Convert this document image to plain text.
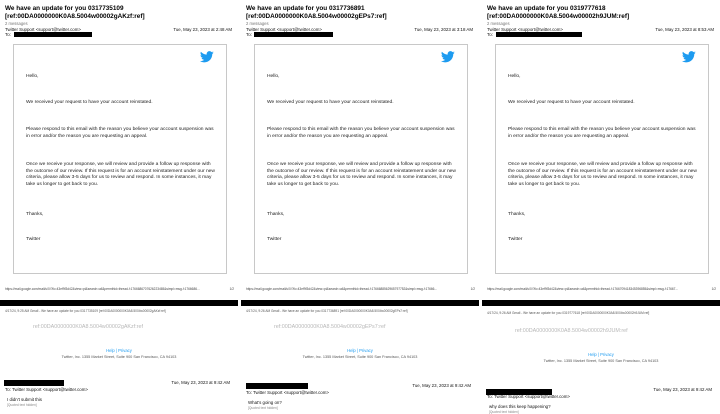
We have an update for you 0317735109 [ref:00DA0000000K0A8.5004w00002gAKzf:ref]
2 messages
Twitter Support <support@twitter.com>
To:
Tue, May 23, 2023 at 2:48 AM
Hello,
We received your request to have your account reinstated.
Please respond to this email with the reason you believe your account suspension was in error and/or the reason you are requesting an appeal.
Once we receive your response, we will review and provide a follow up response with the outcome of our review. If this request is for an account reinstatement under our new criteria, please allow 3-5 days for us to review and respond. In some instances, it may take us longer to get back to you.
Thanks,
Twitter
https://mail.google.com/mail/u/0/?ik=43ef9f3d42&view=pt&search=all&permthid=thread-f:1766686707626223465&simpl=msg-f:1766686...	1/2
4/17/24, 9:25 AM Gmail - We have an update for you 0317735109 [ref:00DA0000000K0A8.5004w00002gAKzf:ref]
ref:00DA0000000K0A8.5004w00002gAKzf:ref
Help | Privacy
Twitter, Inc. 1355 Market Street, Suite 900 San Francisco, CA 94103
To: Twitter Support <support@twitter.com>
Tue, May 23, 2023 at 9:42 AM
I didn't submit this
[Quoted text hidden]
We have an update for you 0317736891 [ref:00DA0000000K0A8.5004w00002gEPs7:ref]
2 messages
Twitter Support <support@twitter.com>
To:
Tue, May 23, 2023 at 3:18 AM
Hello,
We received your request to have your account reinstated.
Please respond to this email with the reason you believe your account suspension was in error and/or the reason you are requesting an appeal.
Once we receive your response, we will review and provide a follow up response with the outcome of our review. If this request is for an account reinstatement under our new criteria, please allow 3-5 days for us to review and respond. In some instances, it may take us longer to get back to you.
Thanks,
Twitter
https://mail.google.com/mail/u/0/?ik=43ef9f3d42&view=pt&search=all&permthid=thread-f:1766688562965797752&simpl=msg-f:17666...	1/2
4/17/24, 9:26 AM Gmail - We have an update for you 0317736891 [ref:00DA0000000K0A8.5004w00002gEPs7:ref]
ref:00DA0000000K0A8.5004w00002gEPs7:ref
Help | Privacy
Twitter, Inc. 1355 Market Street, Suite 900 San Francisco, CA 94103
To: Twitter Support <support@twitter.com>
Tue, May 23, 2023 at 9:42 AM
What's going on?
[Quoted text hidden]
We have an update for you 0319777618 [ref:00DA0000000K0A8.5004w00002h9JUM:ref]
2 messages
Twitter Support <support@twitter.com>
To:
Tue, May 23, 2023 at 8:53 AM
Hello,
We received your request to have your account reinstated.
Please respond to this email with the reason you believe your account suspension was in error and/or the reason you are requesting an appeal.
Once we receive your response, we will review and provide a follow up response with the outcome of our review. If this request is for an account reinstatement under our new criteria, please allow 3-5 days for us to review and respond. In some instances, it may take us longer to get back to you.
Thanks,
Twitter
https://mail.google.com/mail/u/0/?ik=43ef9f3d42&view=pt&search=all&permthid=thread-f:1766709418345396855&simpl=msg-f:17667...	1/2
4/17/24, 9:26 AM Gmail - We have an update for you 0319777618 [ref:00DA0000000K0A8.5004w00002h9JUM:ref]
ref:00DA0000000K0A8.5004w00002h9JUM:ref
Help | Privacy
Twitter, Inc. 1355 Market Street, Suite 900 San Francisco, CA 94103
To: Twitter Support <support@twitter.com>
Tue, May 23, 2023 at 9:42 AM
why does this keep happening?
[Quoted text hidden]
